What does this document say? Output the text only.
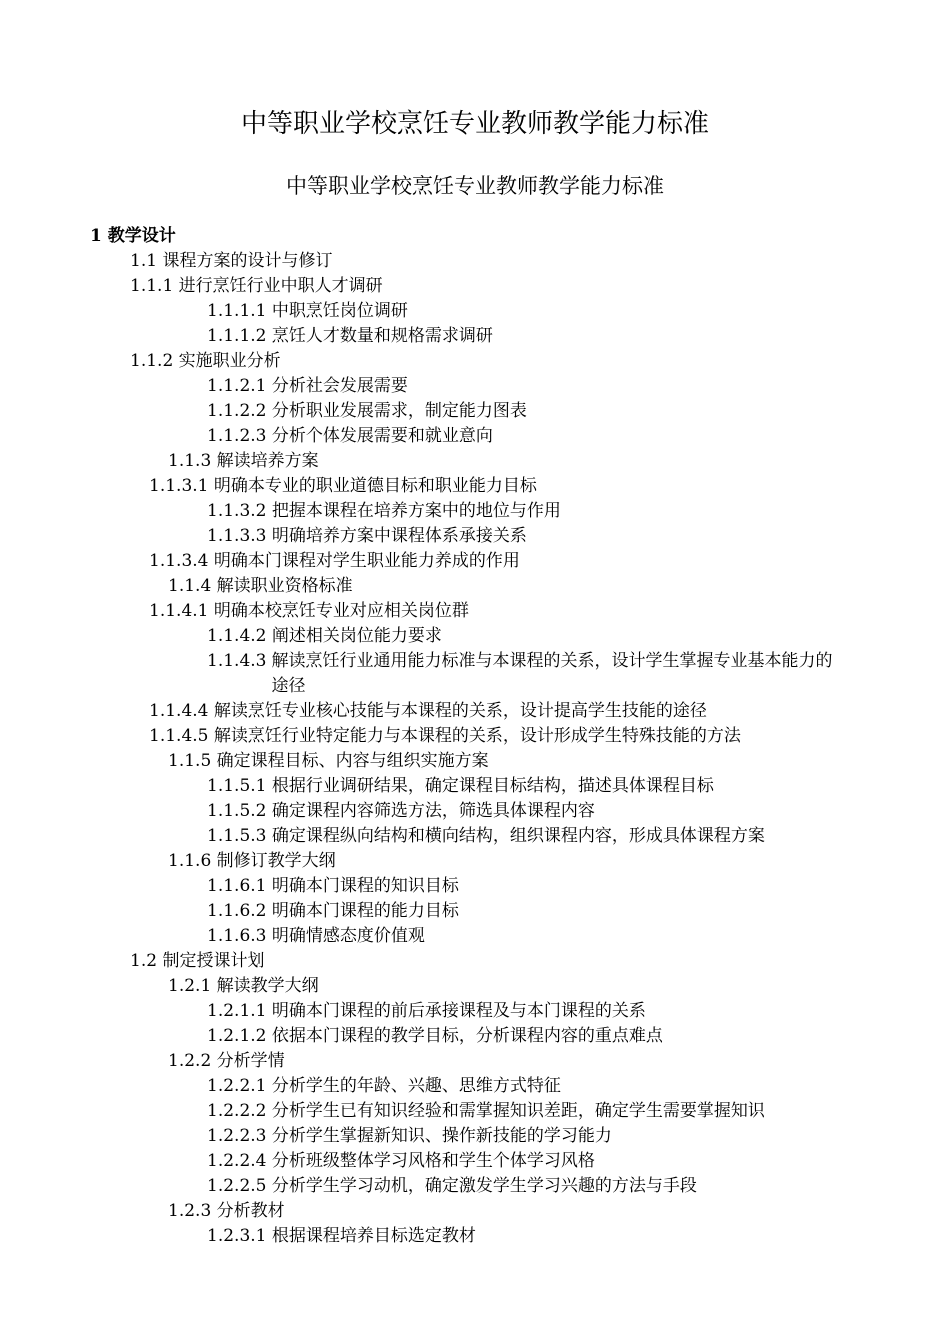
中等职业学校烹饪专业教师教学能力标准
中等职业学校烹饪专业教师教学能力标准
1 教学设计
1.1 课程方案的设计与修订
1.1.1 进行烹饪行业中职人才调研
1.1.1.1 中职烹饪岗位调研
1.1.1.2 烹饪人才数量和规格需求调研
1.1.2 实施职业分析
1.1.2.1 分析社会发展需要
1.1.2.2 分析职业发展需求，制定能力图表
1.1.2.3 分析个体发展需要和就业意向
1.1.3 解读培养方案
1.1.3.1 明确本专业的职业道德目标和职业能力目标
1.1.3.2 把握本课程在培养方案中的地位与作用
1.1.3.3 明确培养方案中课程体系承接关系
1.1.3.4 明确本门课程对学生职业能力养成的作用
1.1.4 解读职业资格标准
1.1.4.1 明确本校烹饪专业对应相关岗位群
1.1.4.2 阐述相关岗位能力要求
1.1.4.3 解读烹饪行业通用能力标准与本课程的关系，设计学生掌握专业基本能力的途径
1.1.4.4 解读烹饪专业核心技能与本课程的关系，设计提高学生技能的途径
1.1.4.5 解读烹饪行业特定能力与本课程的关系，设计形成学生特殊技能的方法
1.1.5 确定课程目标、内容与组织实施方案
1.1.5.1 根据行业调研结果，确定课程目标结构，描述具体课程目标
1.1.5.2 确定课程内容筛选方法，筛选具体课程内容
1.1.5.3 确定课程纵向结构和横向结构，组织课程内容，形成具体课程方案
1.1.6 制修订教学大纲
1.1.6.1 明确本门课程的知识目标
1.1.6.2 明确本门课程的能力目标
1.1.6.3 明确情感态度价值观
1.2 制定授课计划
1.2.1 解读教学大纲
1.2.1.1 明确本门课程的前后承接课程及与本门课程的关系
1.2.1.2 依据本门课程的教学目标，分析课程内容的重点难点
1.2.2 分析学情
1.2.2.1 分析学生的年龄、兴趣、思维方式特征
1.2.2.2 分析学生已有知识经验和需掌握知识差距，确定学生需要掌握知识
1.2.2.3 分析学生掌握新知识、操作新技能的学习能力
1.2.2.4 分析班级整体学习风格和学生个体学习风格
1.2.2.5 分析学生学习动机，确定激发学生学习兴趣的方法与手段
1.2.3 分析教材
1.2.3.1 根据课程培养目标选定教材
